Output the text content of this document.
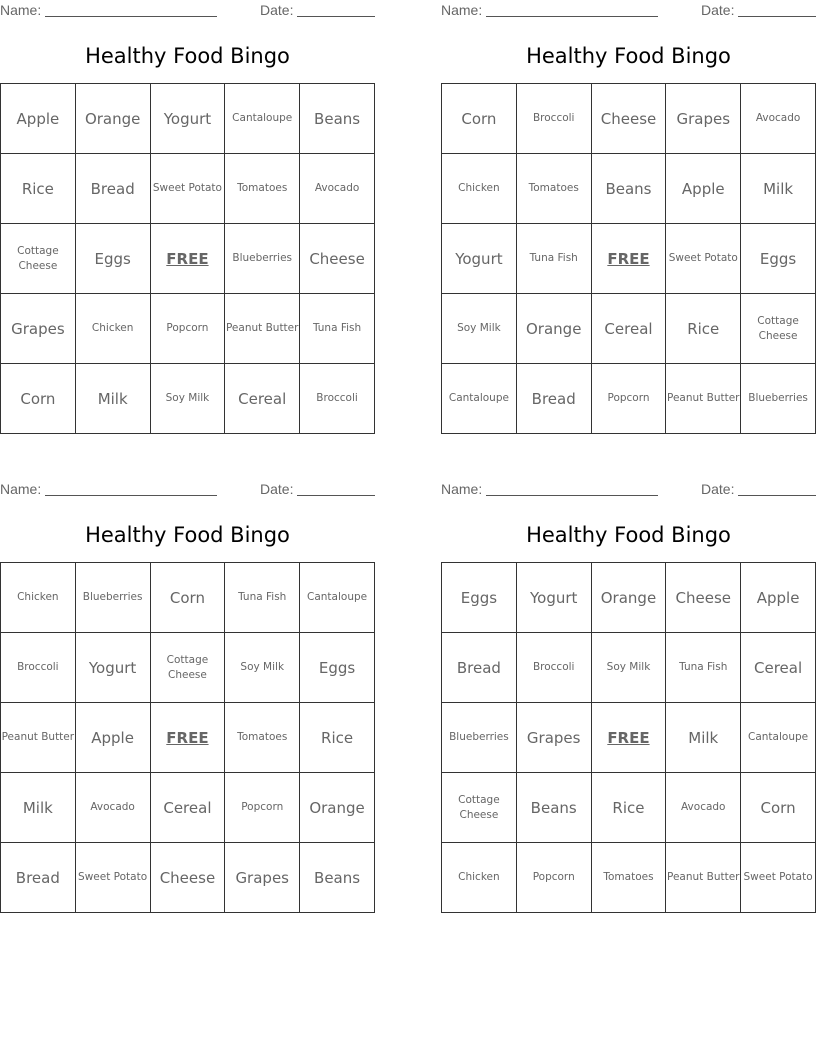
Name:	Date:
Healthy Food Bingo
Apple	Orange	Yogurt	Cantaloupe	Beans
Rice	Bread	Sweet Potato	Tomatoes	Avocado
Cottage Cheese	Eggs	FREE	Blueberries	Cheese
Grapes	Chicken	Popcorn	Peanut Butter	Tuna Fish
Corn	Milk	Soy Milk	Cereal	Broccoli
Name:	Date:
Healthy Food Bingo
Corn	Broccoli	Cheese	Grapes	Avocado
Chicken	Tomatoes	Beans	Apple	Milk
Yogurt	Tuna Fish	FREE	Sweet Potato	Eggs
Soy Milk	Orange	Cereal	Rice	Cottage Cheese
Cantaloupe	Bread	Popcorn	Peanut Butter	Blueberries
Name:	Date:
Healthy Food Bingo
Chicken	Blueberries	Corn	Tuna Fish	Cantaloupe
Broccoli	Yogurt	Cottage Cheese	Soy Milk	Eggs
Peanut Butter	Apple	FREE	Tomatoes	Rice
Milk	Avocado	Cereal	Popcorn	Orange
Bread	Sweet Potato	Cheese	Grapes	Beans
Name:	Date:
Healthy Food Bingo
Eggs	Yogurt	Orange	Cheese	Apple
Bread	Broccoli	Soy Milk	Tuna Fish	Cereal
Blueberries	Grapes	FREE	Milk	Cantaloupe
Cottage Cheese	Beans	Rice	Avocado	Corn
Chicken	Popcorn	Tomatoes	Peanut Butter	Sweet Potato
